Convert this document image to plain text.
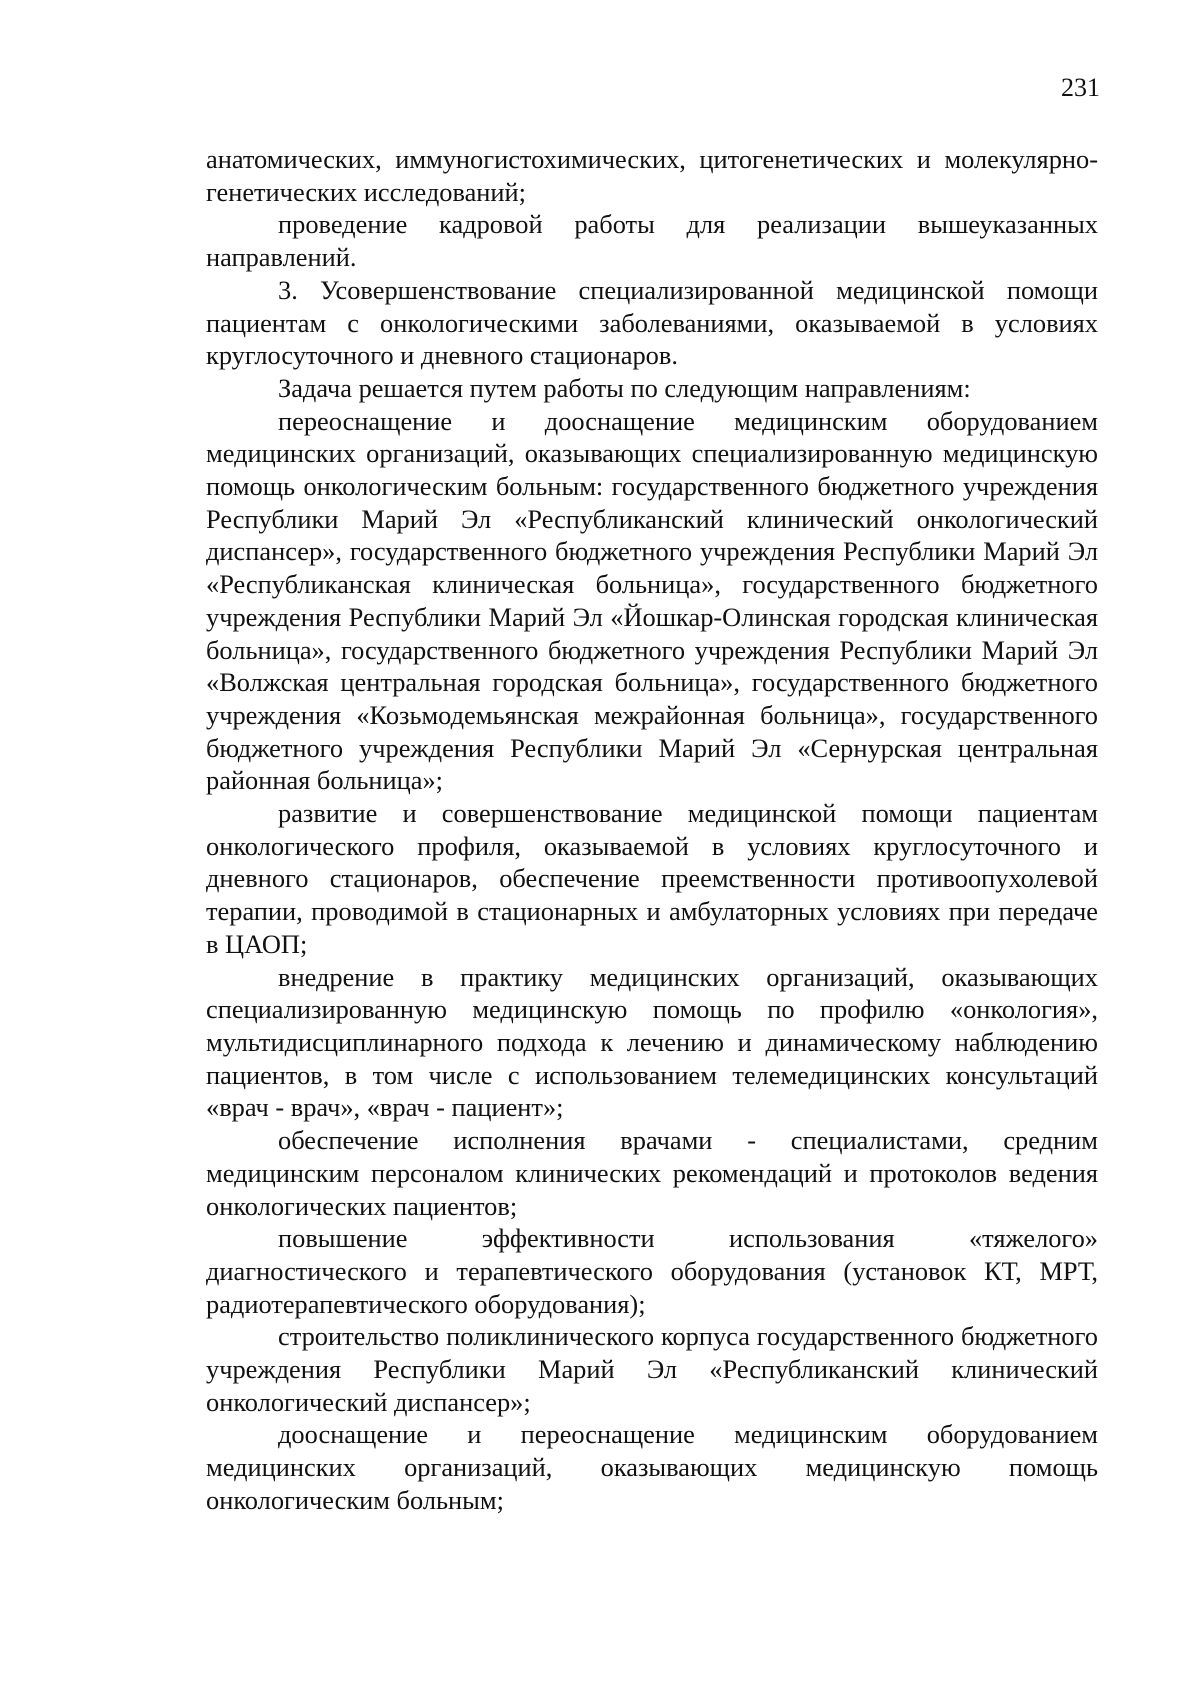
231

анатомических, иммуногистохимических, цитогенетических и молекулярно-генетических исследований;

проведение кадровой работы для реализации вышеуказанных направлений.

3. Усовершенствование специализированной медицинской помощи пациентам с онкологическими заболеваниями, оказываемой в условиях круглосуточного и дневного стационаров.

Задача решается путем работы по следующим направлениям:

переоснащение и дооснащение медицинским оборудованием медицинских организаций, оказывающих специализированную медицинскую помощь онкологическим больным: государственного бюджетного учреждения Республики Марий Эл «Республиканский клинический онкологический диспансер», государственного бюджетного учреждения Республики Марий Эл «Республиканская клиническая больница», государственного бюджетного учреждения Республики Марий Эл «Йошкар-Олинская городская клиническая больница», государственного бюджетного учреждения Республики Марий Эл «Волжская центральная городская больница», государственного бюджетного учреждения «Козьмодемьянская межрайонная больница», государственного бюджетного учреждения Республики Марий Эл «Сернурская центральная районная больница»;

развитие и совершенствование медицинской помощи пациентам онкологического профиля, оказываемой в условиях круглосуточного и дневного стационаров, обеспечение преемственности противоопухолевой терапии, проводимой в стационарных и амбулаторных условиях при передаче в ЦАОП;

внедрение в практику медицинских организаций, оказывающих специализированную медицинскую помощь по профилю «онкология», мультидисциплинарного подхода к лечению и динамическому наблюдению пациентов, в том числе с использованием телемедицинских консультаций «врач - врач», «врач - пациент»;

обеспечение исполнения врачами - специалистами, средним медицинским персоналом клинических рекомендаций и протоколов ведения онкологических пациентов;

повышение эффективности использования «тяжелого» диагностического и терапевтического оборудования (установок КТ, МРТ, радиотерапевтического оборудования);

строительство поликлинического корпуса государственного бюджетного учреждения Республики Марий Эл «Республиканский клинический онкологический диспансер»;

дооснащение и переоснащение медицинским оборудованием медицинских организаций, оказывающих медицинскую помощь онкологическим больным;
